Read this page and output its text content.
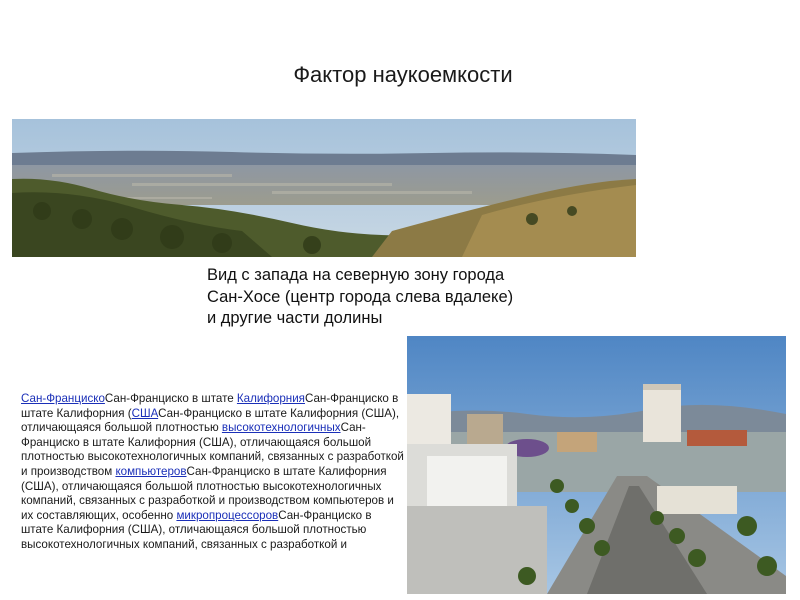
Фактор наукоемкости
Вид с запада на северную зону города
Сан-Хосе (центр города слева вдалеке)
и другие части долины
Сан-ФранцискоСан-Франциско в штате КалифорнияСан-Франциско в штате Калифорния (СШАСан-Франциско в штате Калифорния (США), отличающаяся большой плотностью высокотехнологичныхСан-Франциско в штате Калифорния (США), отличающаяся большой плотностью высокотехнологичных компаний, связанных с разработкой и производством компьютеровСан-Франциско в штате Калифорния (США), отличающаяся большой плотностью высокотехнологичных компаний, связанных с разработкой и производством компьютеров и их составляющих, особенно микропроцессоровСан-Франциско в штате Калифорния (США), отличающаяся большой плотностью высокотехнологичных компаний, связанных с разработкой и
